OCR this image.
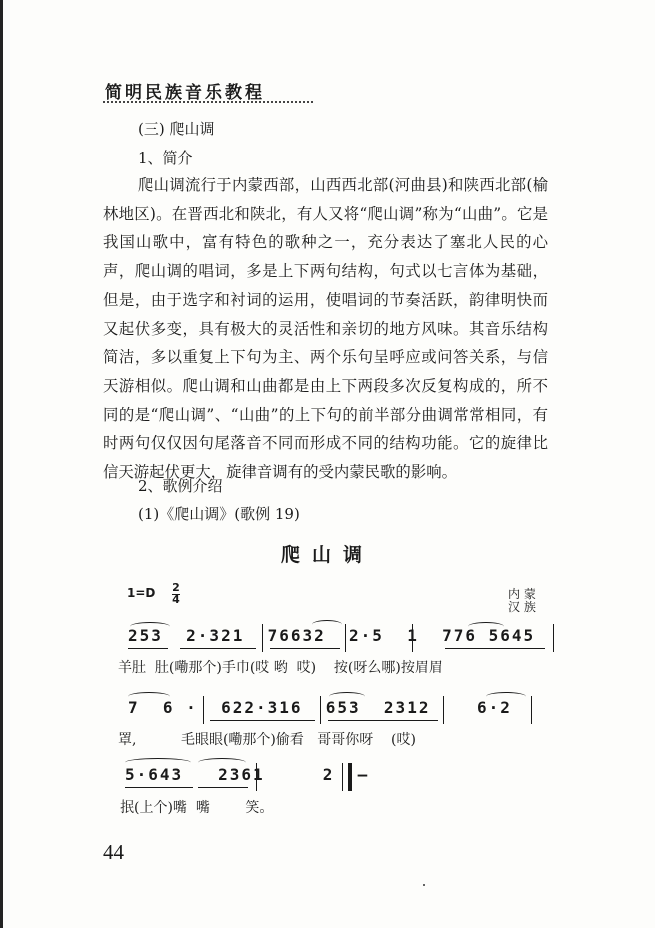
简明民族音乐教程
(三) 爬山调
1、简介

爬山调流行于内蒙西部，山西西北部(河曲县)和陕西北部(榆林地区)。在晋西北和陕北，有人又将“爬山调”称为“山曲”。它是我国山歌中，富有特色的歌种之一，充分表达了塞北人民的心声，爬山调的唱词，多是上下两句结构，句式以七言体为基础，但是，由于选字和衬词的运用，使唱词的节奏活跃，韵律明快而又起伏多变，具有极大的灵活性和亲切的地方风味。其音乐结构简洁，多以重复上下句为主、两个乐句呈呼应或问答关系，与信天游相似。爬山调和山曲都是由上下两段多次反复构成的，所不同的是“爬山调”、“山曲”的上下句的前半部分曲调常常相同，有时两句仅仅因句尾落音不同而形成不同的结构功能。它的旋律比信天游起伏更大，旋律音调有的受内蒙民歌的影响。

2、歌例介绍
(1)《爬山调》(歌例 19)
爬山调
1=D 2
4	内 蒙
汉 族
253  2·321  76632  2·5  1  776 5645
羊肚  肚(嘞那个)手巾(哎 哟  哎)    按(呀么哪)按眉眉
7  6 ·  622·316  653  2312    6·2
罩,          毛眼眼(嘞那个)偷看   哥哥你呀    (哎)
5·643   2361     2  —
抿(上个)嘴  嘴        笑。
44
